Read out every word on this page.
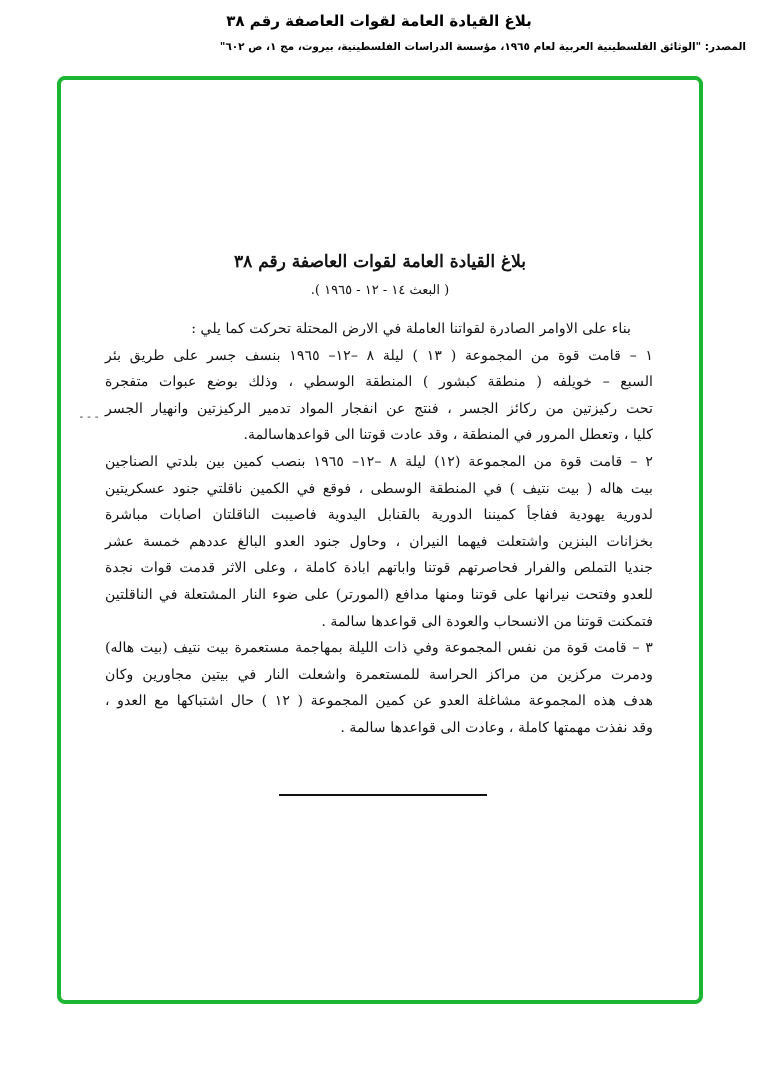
بلاغ القيادة العامة لقوات العاصفة رقم ٣٨
المصدر: "الوثائق الفلسطينية العربية لعام ١٩٦٥، مؤسسة الدراسات الفلسطينية، بيروت، مج ١، ص ٦٠٢"
بلاغ القيادة العامة لقوات العاصفة رقم ٣٨
( البعث ١٤ - ١٢ - ١٩٦٥ ).

بناء على الاوامر الصادرة لقواتنا العاملة في الارض المحتلة تحركت كما يلي :

١ – قامت قوة من المجموعة ( ١٣ ) ليلة ٨ –١٢– ١٩٦٥ بنسف جسر على طريق بئر
السبع – خويلفه ( منطقة كبشور ) المنطقة الوسطي ، وذلك بوضع عبوات متفجرة
تحت ركيزتين من ركائز الجسر ، فنتج عن انفجار المواد تدمير الركيزتين وانهيار الجسر
كليا ، وتعطل المرور في المنطقة ، وقد عادت قوتنا الى قواعدهاسالمة.

٢ – قامت قوة من المجموعة (١٢) ليلة ٨ –١٢– ١٩٦٥ بنصب كمين بين بلدتي الصناجين
بيت هاله ( بيت نتيف ) في المنطقة الوسطى ، فوقع في الكمين ناقلتي جنود عسكريتين
لدورية يهودية ففاجأ كميننا الدورية بالقنابل اليدوية فاصيبت الناقلتان اصابات مباشرة
بخزانات البنزين واشتعلت فيهما النيران ، وحاول جنود العدو البالغ عددهم خمسة عشر
جنديا التملص والفرار فحاصرتهم قوتنا واباتهم ابادة كاملة ، وعلى الاثر قدمت قوات نجدة
للعدو وفتحت نيرانها على قوتنا ومنها مدافع (المورتر) على ضوء النار المشتعلة في الناقلتين
فتمكنت قوتنا من الانسحاب والعودة الى قواعدها سالمة .

٣ – قامت قوة من نفس المجموعة وفي ذات الليلة بمهاجمة مستعمرة بيت نتيف (بيت هاله)
ودمرت مركزين من مراكز الحراسة للمستعمرة واشعلت النار في بيتين مجاورين وكان
هدف هذه المجموعة مشاغلة العدو عن كمين المجموعة ( ١٢ ) حال اشتباكها مع العدو ،
وقد نفذت مهمتها كاملة ، وعادت الى قواعدها سالمة .

---
